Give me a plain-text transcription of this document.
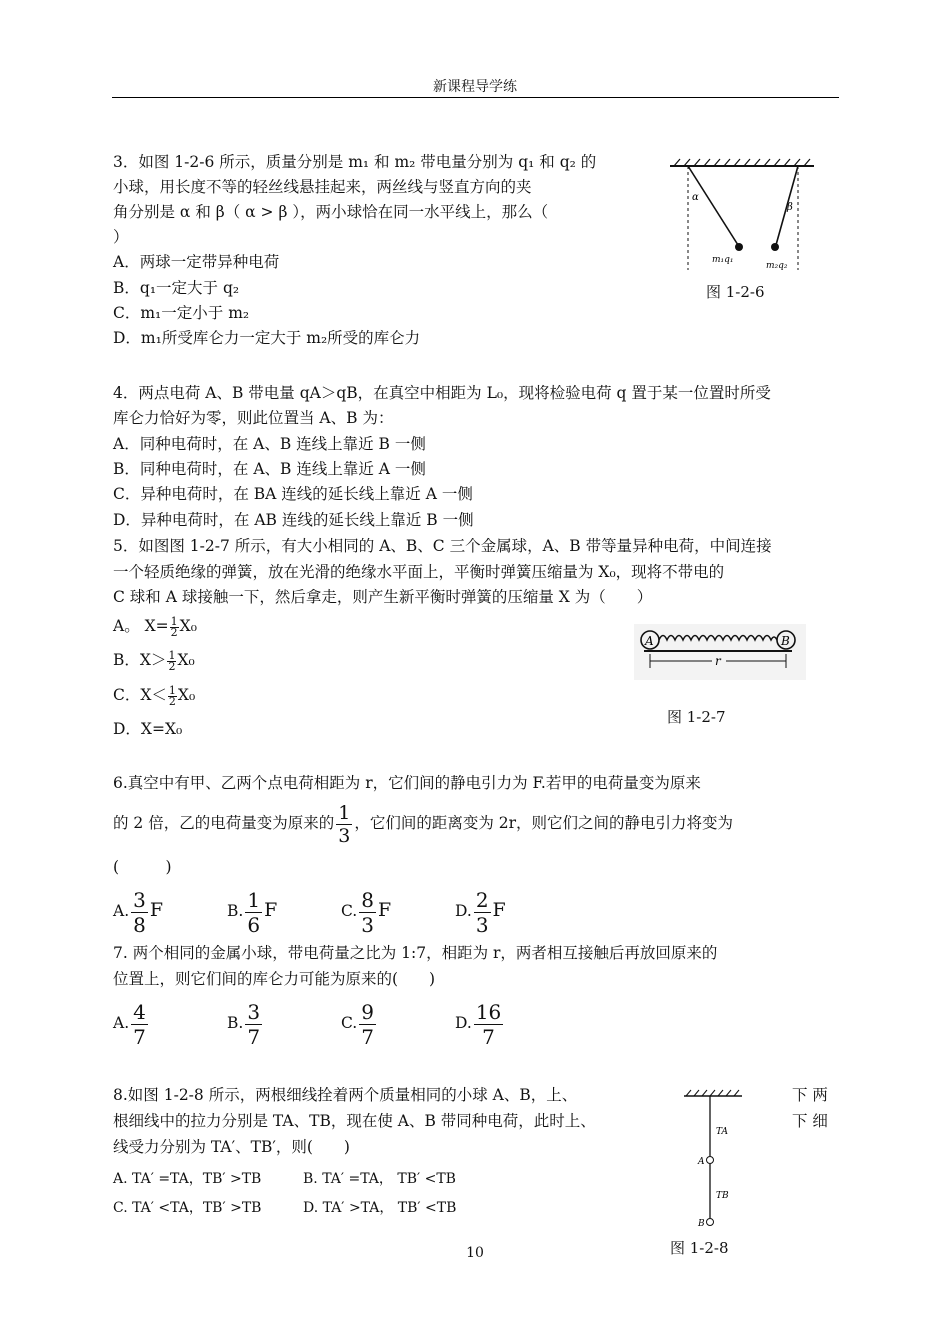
新课程导学练
3．如图 1-2-6 所示，质量分别是 m₁ 和 m₂ 带电量分别为 q₁ 和 q₂ 的
小球，用长度不等的轻丝线悬挂起来，两丝线与竖直方向的夹
角分别是 α 和 β（ α > β ），两小球恰在同一水平线上，那么（
）
A．两球一定带异种电荷
B．q₁一定大于 q₂
C．m₁一定小于 m₂
D．m₁所受库仑力一定大于 m₂所受的库仑力
α
β
m₁q₁
m₂q₂
图 1-2-6
4．两点电荷 A、B 带电量 qA＞qB，在真空中相距为 L₀，现将检验电荷 q 置于某一位置时所受
库仑力恰好为零，则此位置当 A、B 为：
A．同种电荷时，在 A、B 连线上靠近 B 一侧
B．同种电荷时，在 A、B 连线上靠近 A 一侧
C．异种电荷时，在 BA 连线的延长线上靠近 A 一侧
D．异种电荷时，在 AB 连线的延长线上靠近 B 一侧
5．如图图 1-2-7 所示，有大小相同的 A、B、C 三个金属球，A、B 带等量异种电荷，中间连接
一个轻质绝缘的弹簧，放在光滑的绝缘水平面上，平衡时弹簧压缩量为 X₀，现将不带电的
C 球和 A 球接触一下，然后拿走，则产生新平衡时弹簧的压缩量 X 为（　　）
A。 $X= \frac{1}{2} X_0$
B．$X> \frac{1}{2} X_0$
C．$X< \frac{1}{2} X_0$
D．X=X₀
A	B
r
图 1-2-7
6.真空中有甲、乙两个点电荷相距为 r，它们间的静电引力为 F.若甲的电荷量变为原来
的 2 倍，乙的电荷量变为原来的 $\frac{1}{3}$ ，它们间的距离变为 2r，则它们之间的静电引力将变为
(　　　)
A. $\frac{3}{8}$ F	B. $\frac{1}{6}$ F	C. $\frac{8}{3}$ F	D. $\frac{2}{3}$ F
7. 两个相同的金属小球，带电荷量之比为 1:7，相距为 r，两者相互接触后再放回原来的
位置上，则它们间的库仑力可能为原来的(　　)
A. $\frac{4}{7}$	B. $\frac{3}{7}$	C. $\frac{9}{7}$	D. $\frac{16}{7}$
8.如图 1-2-8 所示，两根细线拴着两个质量相同的小球 A、B，上、	下 两
根细线中的拉力分别是 TA、TB，现在使 A、B 带同种电荷，此时上、	下 细
线受力分别为 TA′、TB′，则(　　)
A. TA′ =TA，TB′ >TB	B. TA′ =TA， TB′ <TB
C. TA′ <TA，TB′ >TB	D. TA′ >TA， TB′ <TB
TA
TB
A
B
图 1-2-8
10
